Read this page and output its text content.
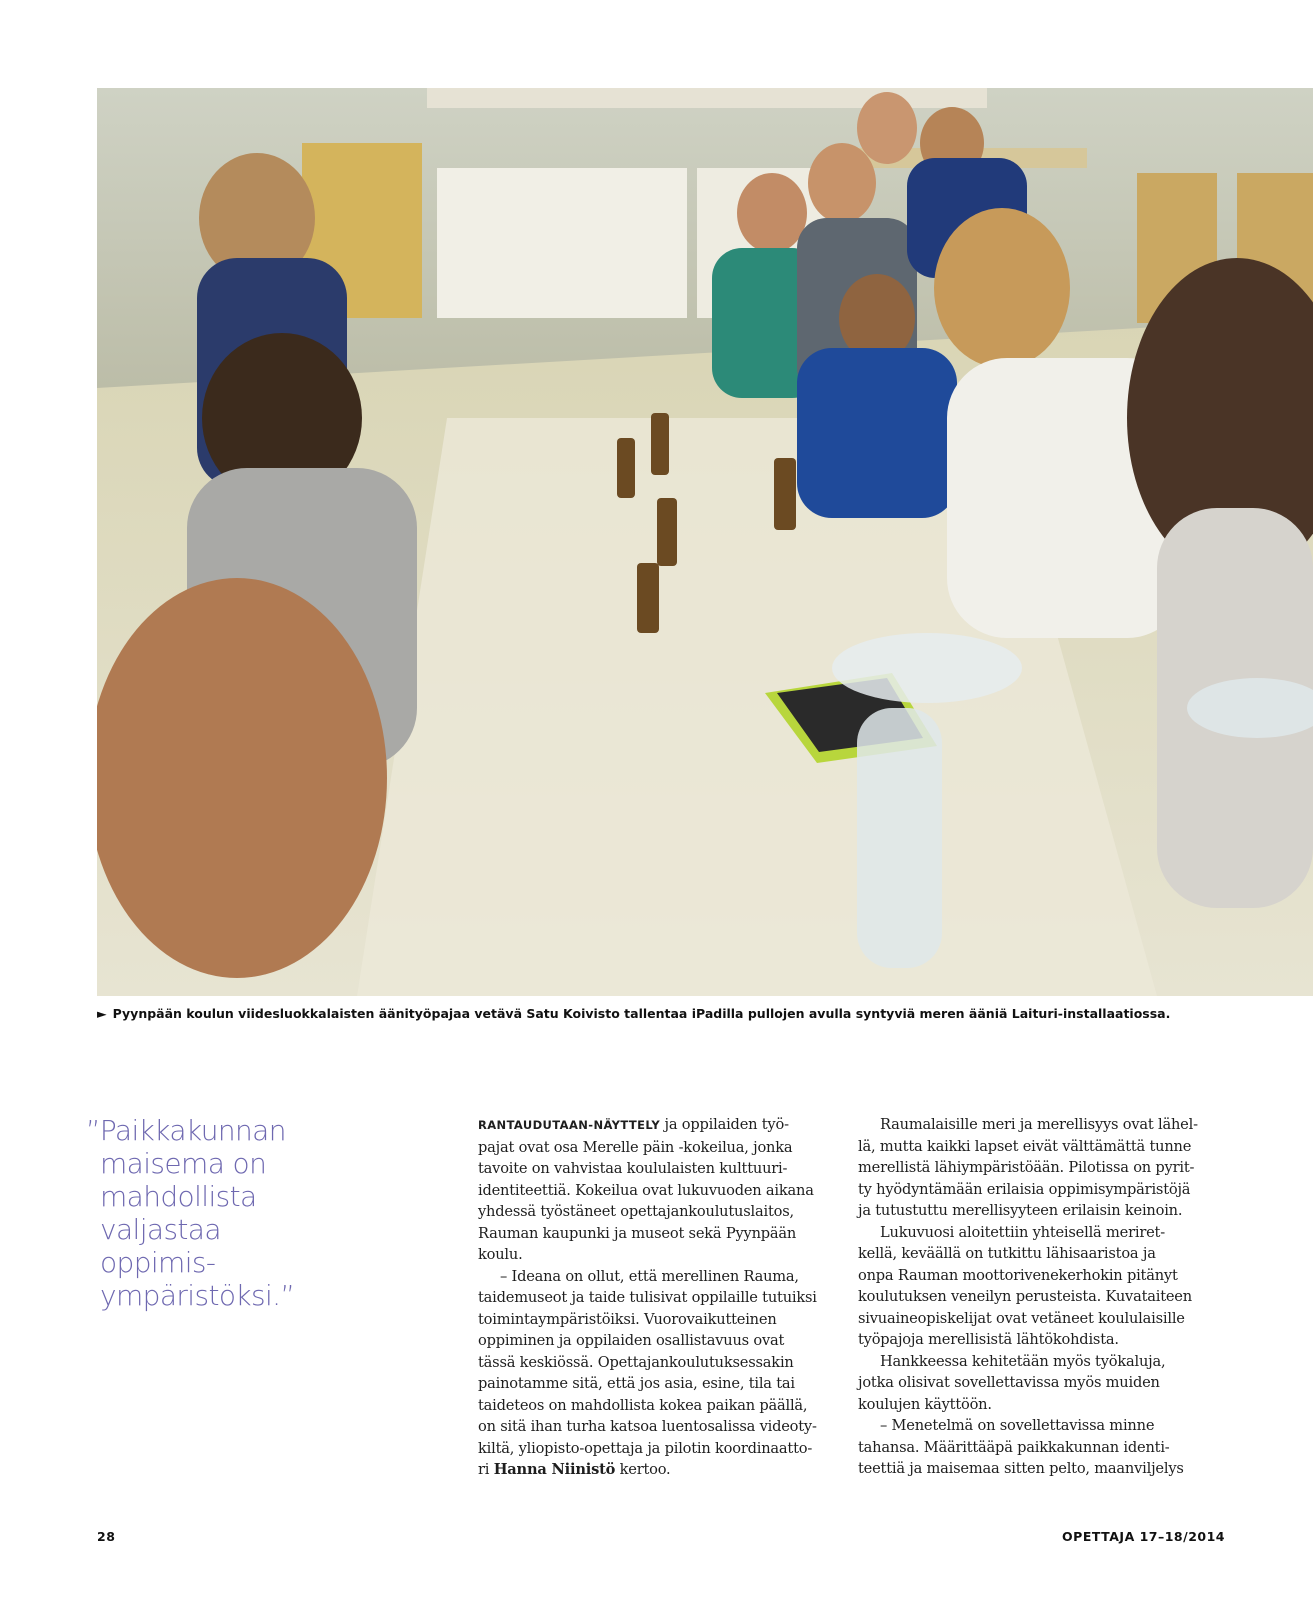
► Pyynpään koulun viidesluokkalaisten äänityöpajaa vetävä Satu Koivisto tallentaa iPadilla pullojen avulla syntyviä meren ääniä Laituri-installaatiossa.
”Paikkakunnan
maisema on
mahdollista
valjastaa
oppimis-
ympäristöksi.”
RANTAUDUTAAN-NÄYTTELY ja oppilaiden työ-
pajat ovat osa Merelle päin -kokeilua, jonka
tavoite on vahvistaa koululaisten kulttuuri-
identiteettiä. Kokeilua ovat lukuvuoden aikana
yhdessä työstäneet opettajankoulutuslaitos,
Rauman kaupunki ja museot sekä Pyynpään
koulu.
– Ideana on ollut, että merellinen Rauma,
taidemuseot ja taide tulisivat oppilaille tutuiksi
toimintaympäristöiksi. Vuorovaikutteinen
oppiminen ja oppilaiden osallistavuus ovat
tässä keskiössä. Opettajankoulutuksessakin
painotamme sitä, että jos asia, esine, tila tai
taideteos on mahdollista kokea paikan päällä,
on sitä ihan turha katsoa luentosalissa videoty-
kiltä, yliopisto-opettaja ja pilotin koordinaatto-
ri Hanna Niinistö kertoo.
Raumalaisille meri ja merellisyys ovat lähel-
lä, mutta kaikki lapset eivät välttämättä tunne
merellistä lähiympäristöään. Pilotissa on pyrit-
ty hyödyntämään erilaisia oppimisympäristöjä
ja tutustuttu merellisyyteen erilaisin keinoin.
Lukuvuosi aloitettiin yhteisellä meriret-
kellä, keväällä on tutkittu lähisaaristoa ja
onpa Rauman moottorivenekerhokin pitänyt
koulutuksen veneilyn perusteista. Kuvataiteen
sivuaineopiskelijat ovat vetäneet koululaisille
työpajoja merellisistä lähtökohdista.
Hankkeessa kehitetään myös työkaluja,
jotka olisivat sovellettavissa myös muiden
koulujen käyttöön.
– Menetelmä on sovellettavissa minne
tahansa. Määrittääpä paikkakunnan identi-
teettiä ja maisemaa sitten pelto, maanviljelys
28	OPETTAJA 17–18/2014
